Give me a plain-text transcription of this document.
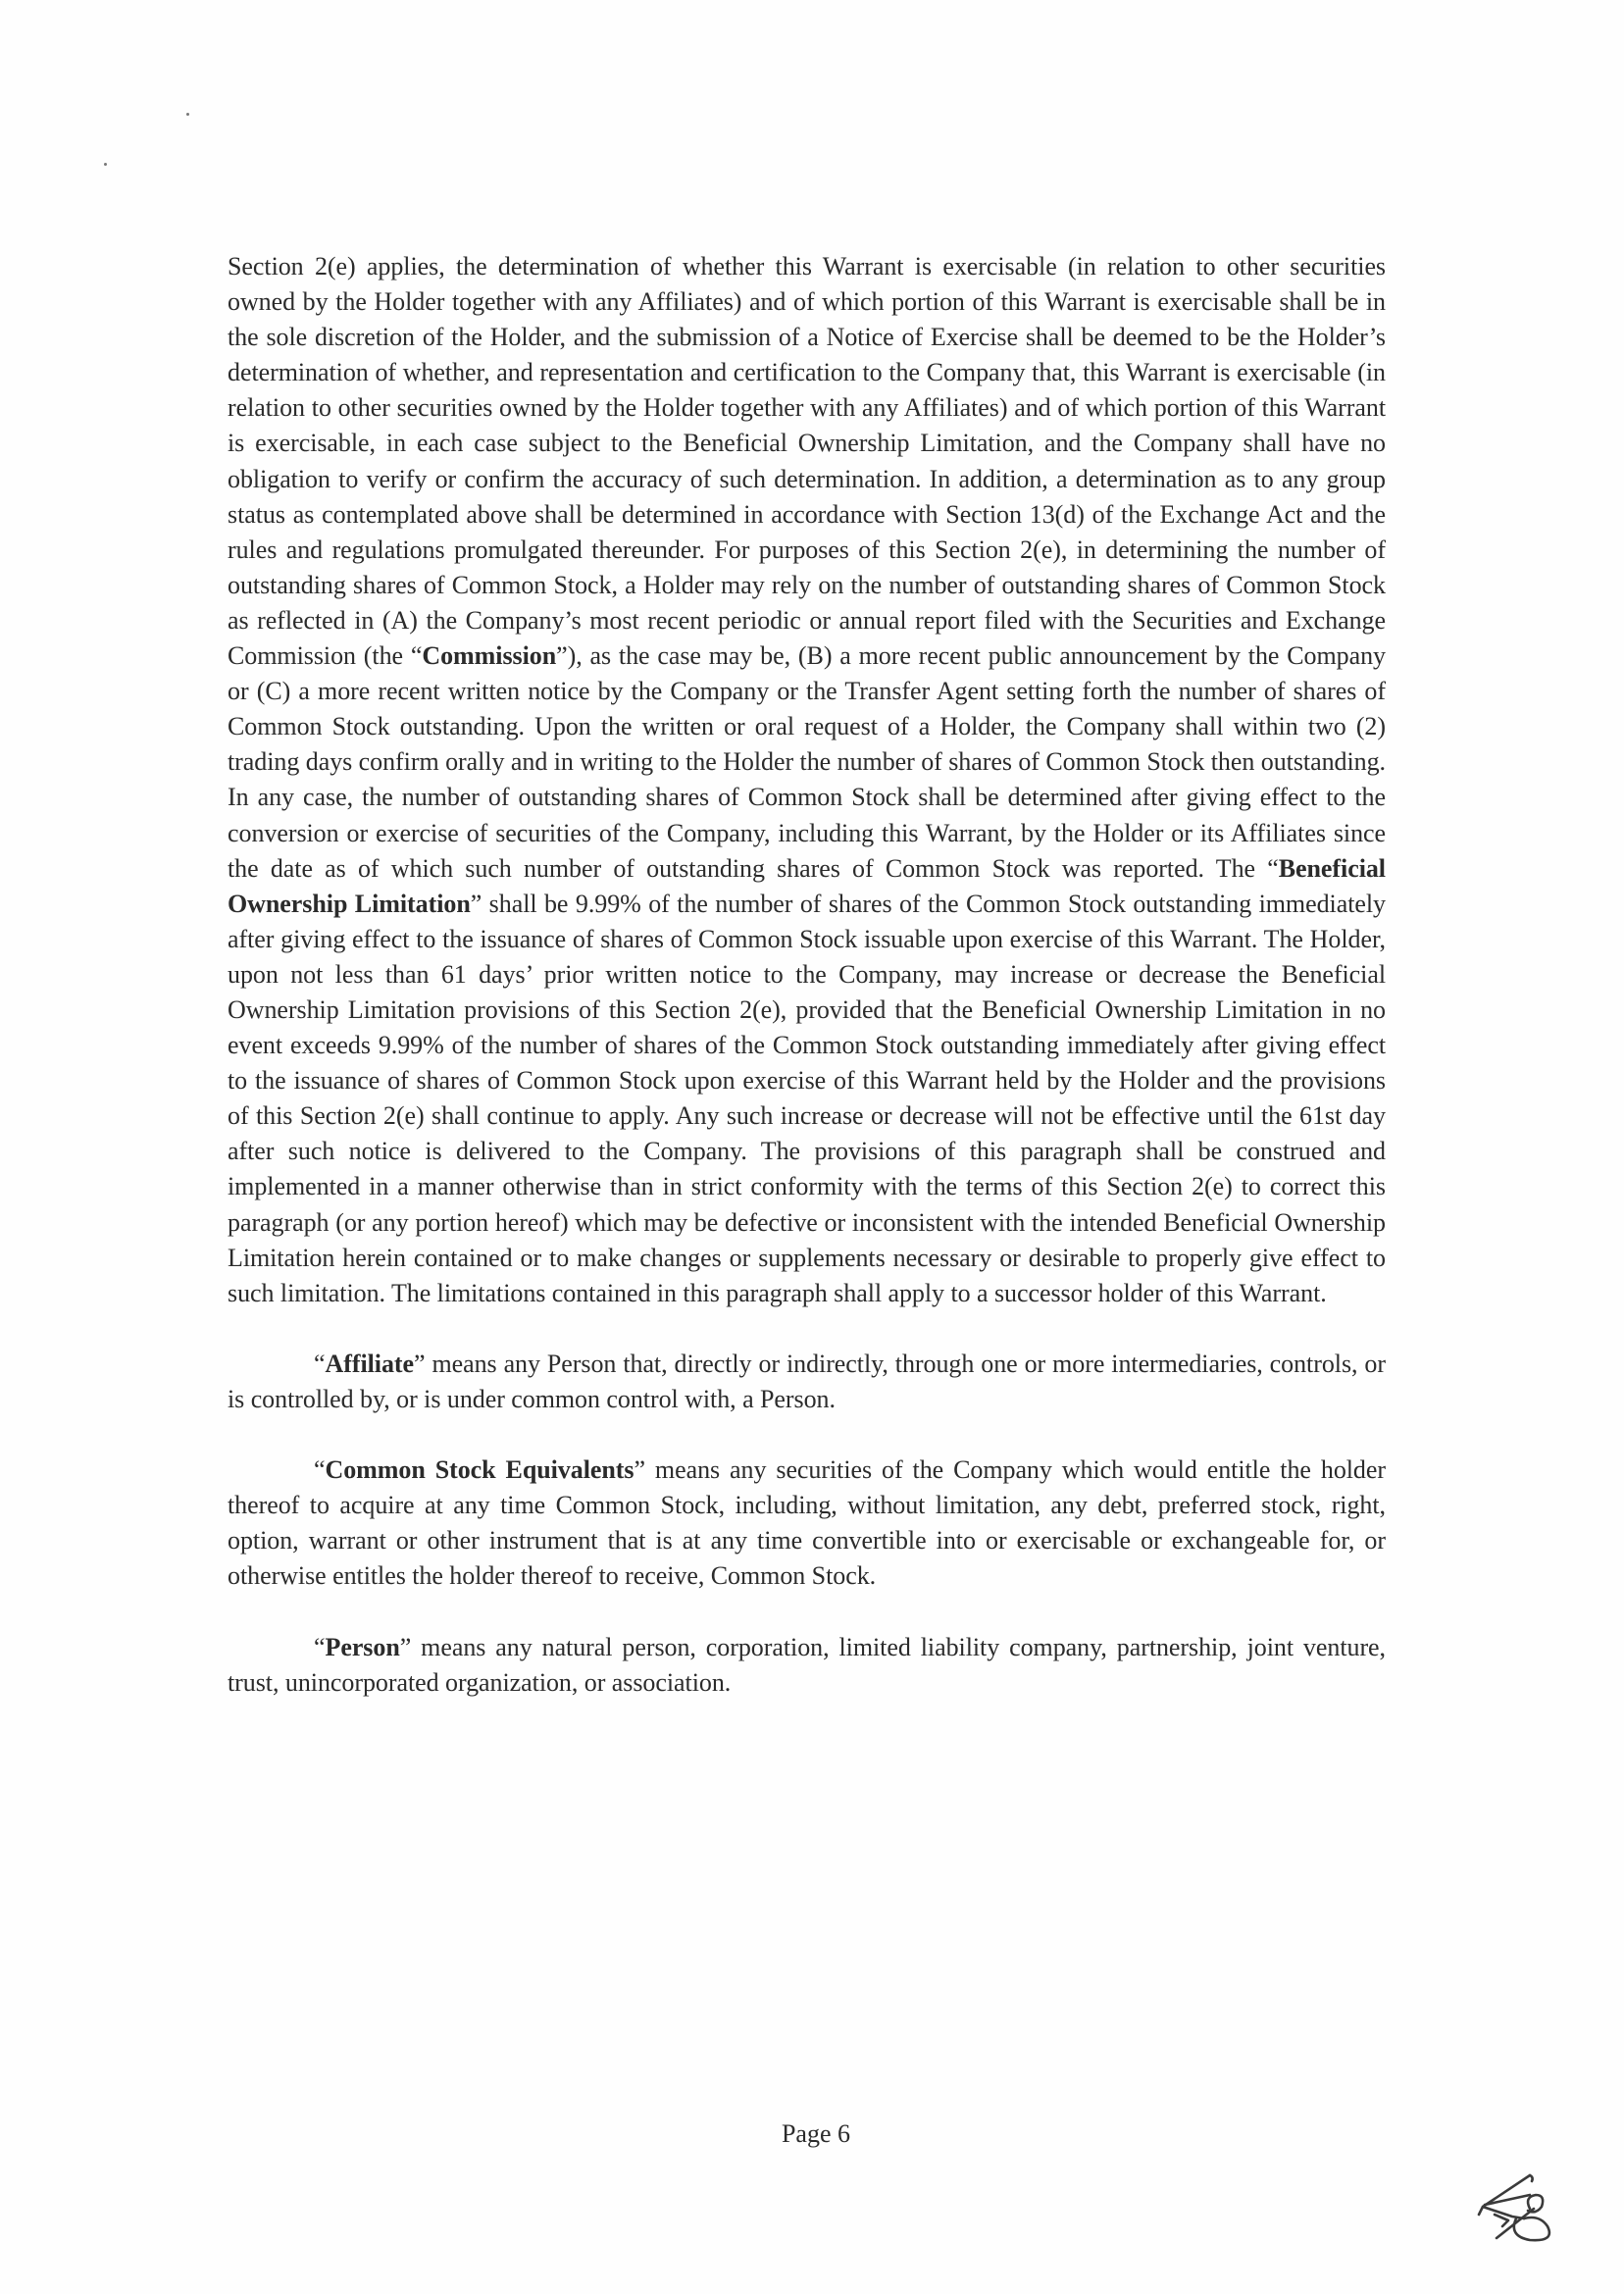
Section 2(e) applies, the determination of whether this Warrant is exercisable (in relation to other securities owned by the Holder together with any Affiliates) and of which portion of this Warrant is exercisable shall be in the sole discretion of the Holder, and the submission of a Notice of Exercise shall be deemed to be the Holder’s determination of whether, and representation and certification to the Company that, this Warrant is exercisable (in relation to other securities owned by the Holder together with any Affiliates) and of which portion of this Warrant is exercisable, in each case subject to the Beneficial Ownership Limitation, and the Company shall have no obligation to verify or confirm the accuracy of such determination. In addition, a determination as to any group status as contemplated above shall be determined in accordance with Section 13(d) of the Exchange Act and the rules and regulations promulgated thereunder. For purposes of this Section 2(e), in determining the number of outstanding shares of Common Stock, a Holder may rely on the number of outstanding shares of Common Stock as reflected in (A) the Company’s most recent periodic or annual report filed with the Securities and Exchange Commission (the “Commission”), as the case may be, (B) a more recent public announcement by the Company or (C) a more recent written notice by the Company or the Transfer Agent setting forth the number of shares of Common Stock outstanding. Upon the written or oral request of a Holder, the Company shall within two (2) trading days confirm orally and in writing to the Holder the number of shares of Common Stock then outstanding. In any case, the number of outstanding shares of Common Stock shall be determined after giving effect to the conversion or exercise of securities of the Company, including this Warrant, by the Holder or its Affiliates since the date as of which such number of outstanding shares of Common Stock was reported. The “Beneficial Ownership Limitation” shall be 9.99% of the number of shares of the Common Stock outstanding immediately after giving effect to the issuance of shares of Common Stock issuable upon exercise of this Warrant. The Holder, upon not less than 61 days’ prior written notice to the Company, may increase or decrease the Beneficial Ownership Limitation provisions of this Section 2(e), provided that the Beneficial Ownership Limitation in no event exceeds 9.99% of the number of shares of the Common Stock outstanding immediately after giving effect to the issuance of shares of Common Stock upon exercise of this Warrant held by the Holder and the provisions of this Section 2(e) shall continue to apply. Any such increase or decrease will not be effective until the 61st day after such notice is delivered to the Company. The provisions of this paragraph shall be construed and implemented in a manner otherwise than in strict conformity with the terms of this Section 2(e) to correct this paragraph (or any portion hereof) which may be defective or inconsistent with the intended Beneficial Ownership Limitation herein contained or to make changes or supplements necessary or desirable to properly give effect to such limitation. The limitations contained in this paragraph shall apply to a successor holder of this Warrant.

“Affiliate” means any Person that, directly or indirectly, through one or more intermediaries, controls, or is controlled by, or is under common control with, a Person.

“Common Stock Equivalents” means any securities of the Company which would entitle the holder thereof to acquire at any time Common Stock, including, without limitation, any debt, preferred stock, right, option, warrant or other instrument that is at any time convertible into or exercisable or exchangeable for, or otherwise entitles the holder thereof to receive, Common Stock.

“Person” means any natural person, corporation, limited liability company, partnership, joint venture, trust, unincorporated organization, or association.

Page 6
